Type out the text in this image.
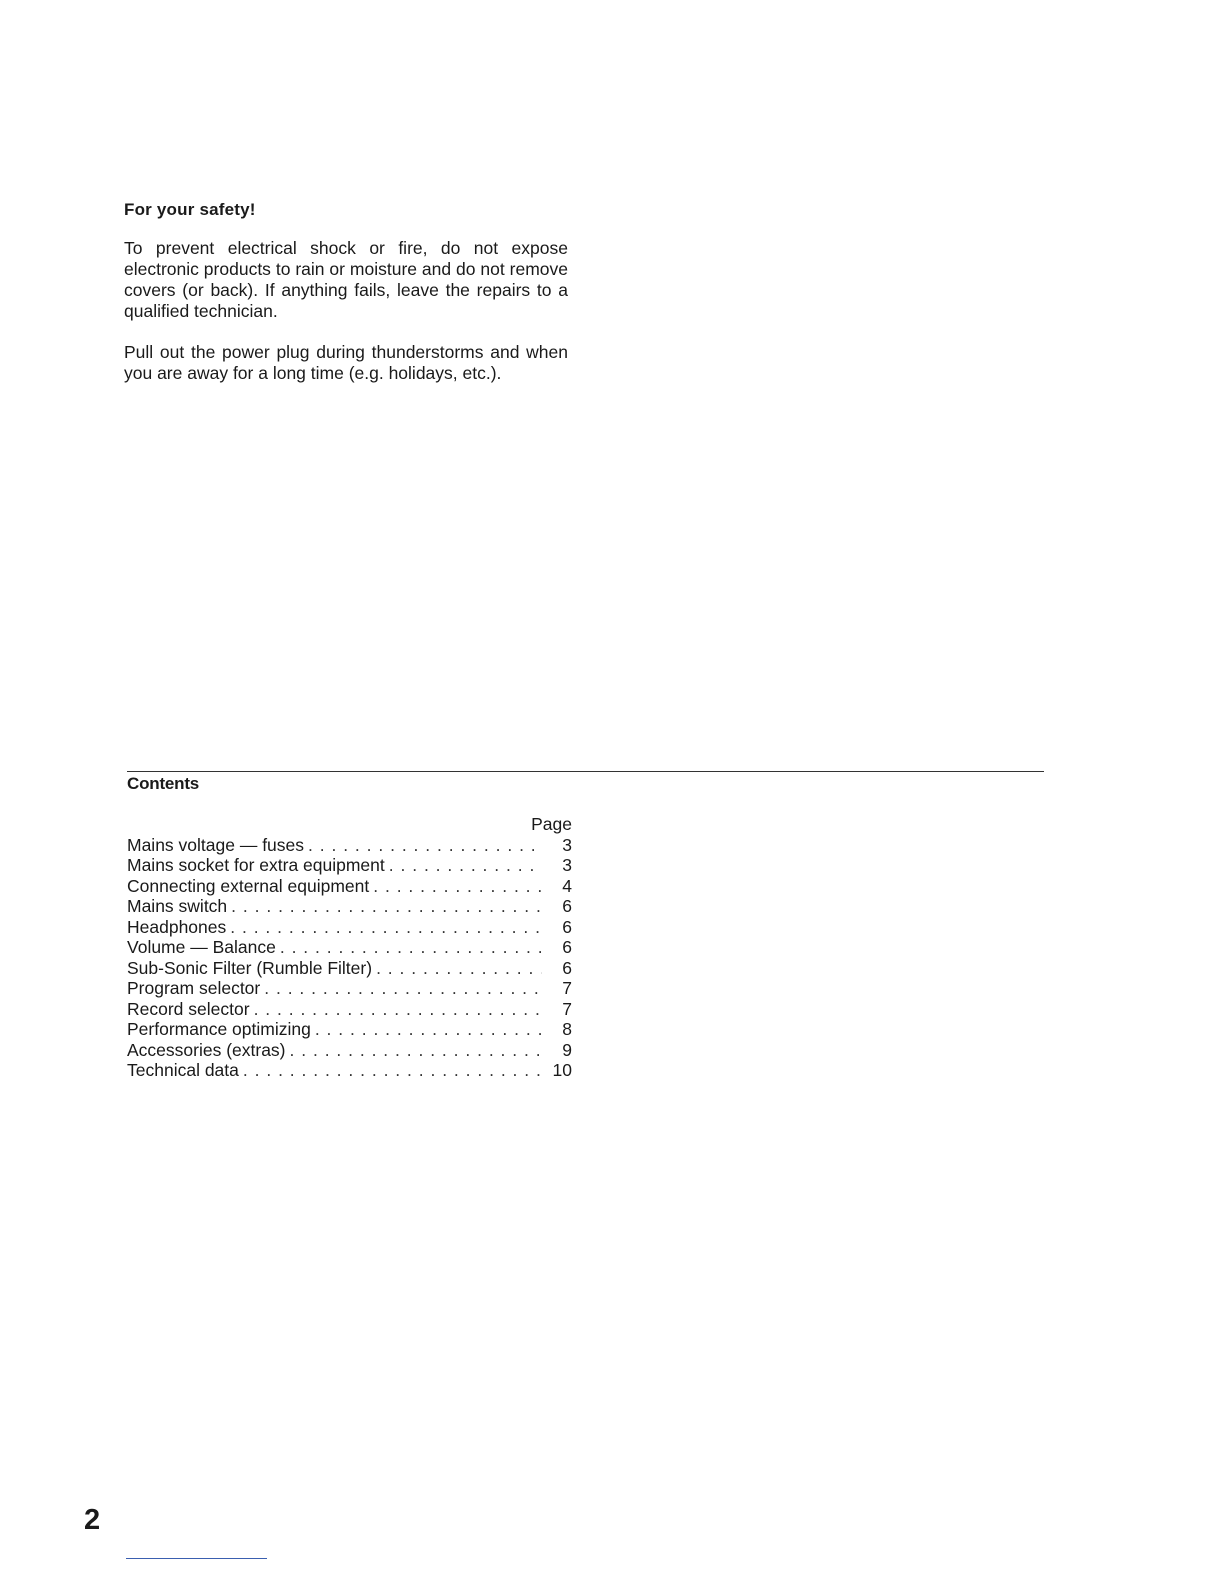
For your safety!

To prevent electrical shock or fire, do not expose electronic products to rain or moisture and do not remove covers (or back). If anything fails, leave the repairs to a qualified technician.

Pull out the power plug during thunderstorms and when you are away for a long time (e.g. holidays, etc.).

Contents
Page
Mains voltage — fuses . . .	3
Mains socket for extra equipment . . .	3
Connecting external equipment . . .	4
Mains switch . . .	6
Headphones . . .	6
Volume — Balance . . .	6
Sub-Sonic Filter (Rumble Filter) . . .	6
Program selector . . .	7
Record selector . . .	7
Performance optimizing . . .	8
Accessories (extras) . . .	9
Technical data . . .	10
2
